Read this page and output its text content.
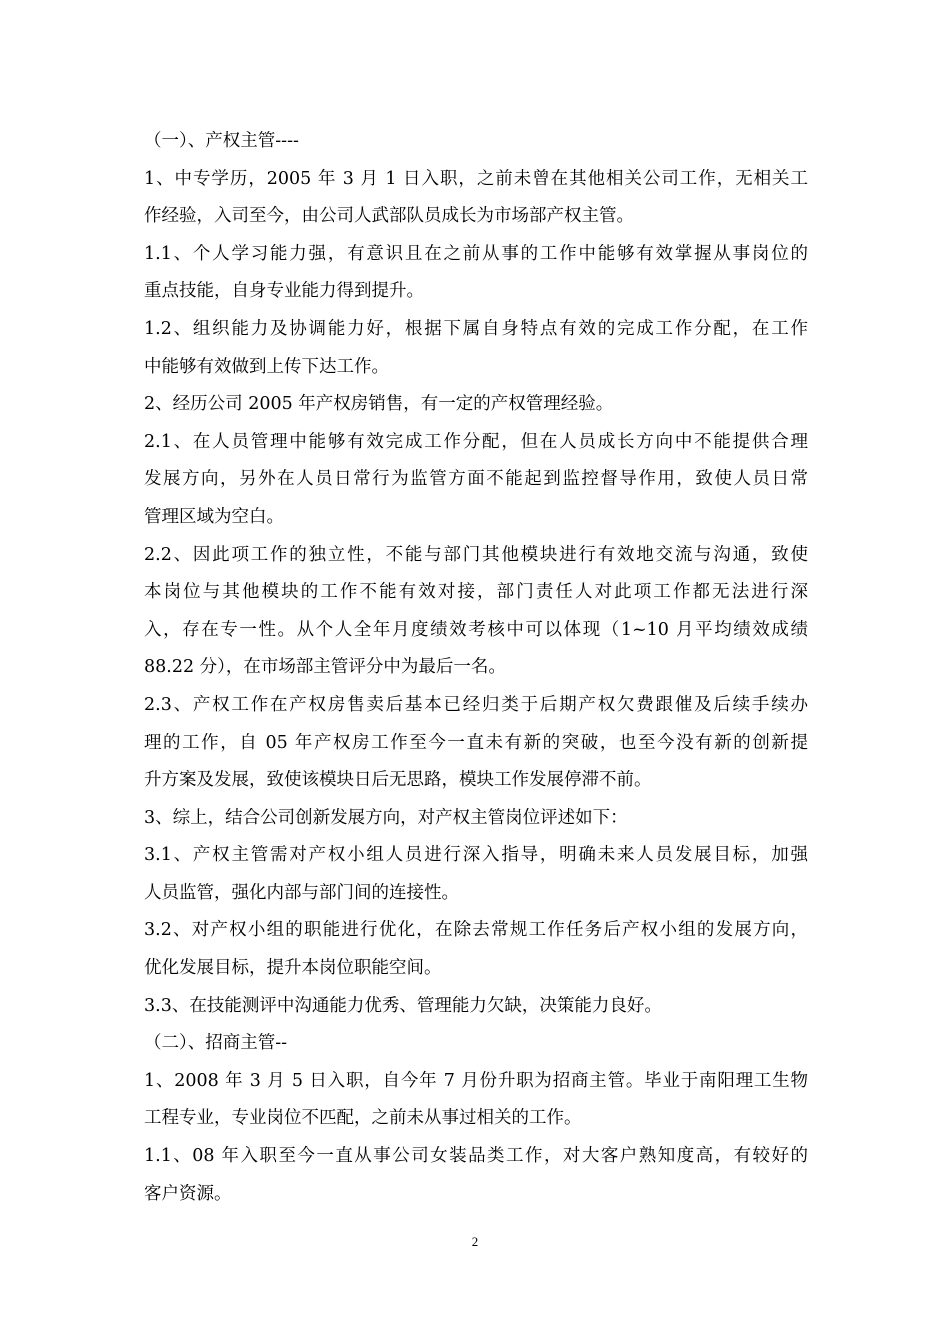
（一）、产权主管----
1、中专学历，2005 年 3 月 1 日入职，之前未曾在其他相关公司工作，无相关工
作经验，入司至今，由公司人武部队员成长为市场部产权主管。
1.1、个人学习能力强，有意识且在之前从事的工作中能够有效掌握从事岗位的
重点技能，自身专业能力得到提升。
1.2、组织能力及协调能力好，根据下属自身特点有效的完成工作分配，在工作
中能够有效做到上传下达工作。
2、经历公司 2005 年产权房销售，有一定的产权管理经验。
2.1、在人员管理中能够有效完成工作分配，但在人员成长方向中不能提供合理
发展方向，另外在人员日常行为监管方面不能起到监控督导作用，致使人员日常
管理区域为空白。
2.2、因此项工作的独立性，不能与部门其他模块进行有效地交流与沟通，致使
本岗位与其他模块的工作不能有效对接，部门责任人对此项工作都无法进行深
入，存在专一性。从个人全年月度绩效考核中可以体现（1~10 月平均绩效成绩
88.22 分），在市场部主管评分中为最后一名。
2.3、产权工作在产权房售卖后基本已经归类于后期产权欠费跟催及后续手续办
理的工作，自 05 年产权房工作至今一直未有新的突破，也至今没有新的创新提
升方案及发展，致使该模块日后无思路，模块工作发展停滞不前。
3、综上，结合公司创新发展方向，对产权主管岗位评述如下：
3.1、产权主管需对产权小组人员进行深入指导，明确未来人员发展目标，加强
人员监管，强化内部与部门间的连接性。
3.2、对产权小组的职能进行优化，在除去常规工作任务后产权小组的发展方向，
优化发展目标，提升本岗位职能空间。
3.3、在技能测评中沟通能力优秀、管理能力欠缺，决策能力良好。
（二）、招商主管--
1、2008 年 3 月 5 日入职，自今年 7 月份升职为招商主管。毕业于南阳理工生物
工程专业，专业岗位不匹配，之前未从事过相关的工作。
1.1、08 年入职至今一直从事公司女装品类工作，对大客户熟知度高，有较好的
客户资源。
2
